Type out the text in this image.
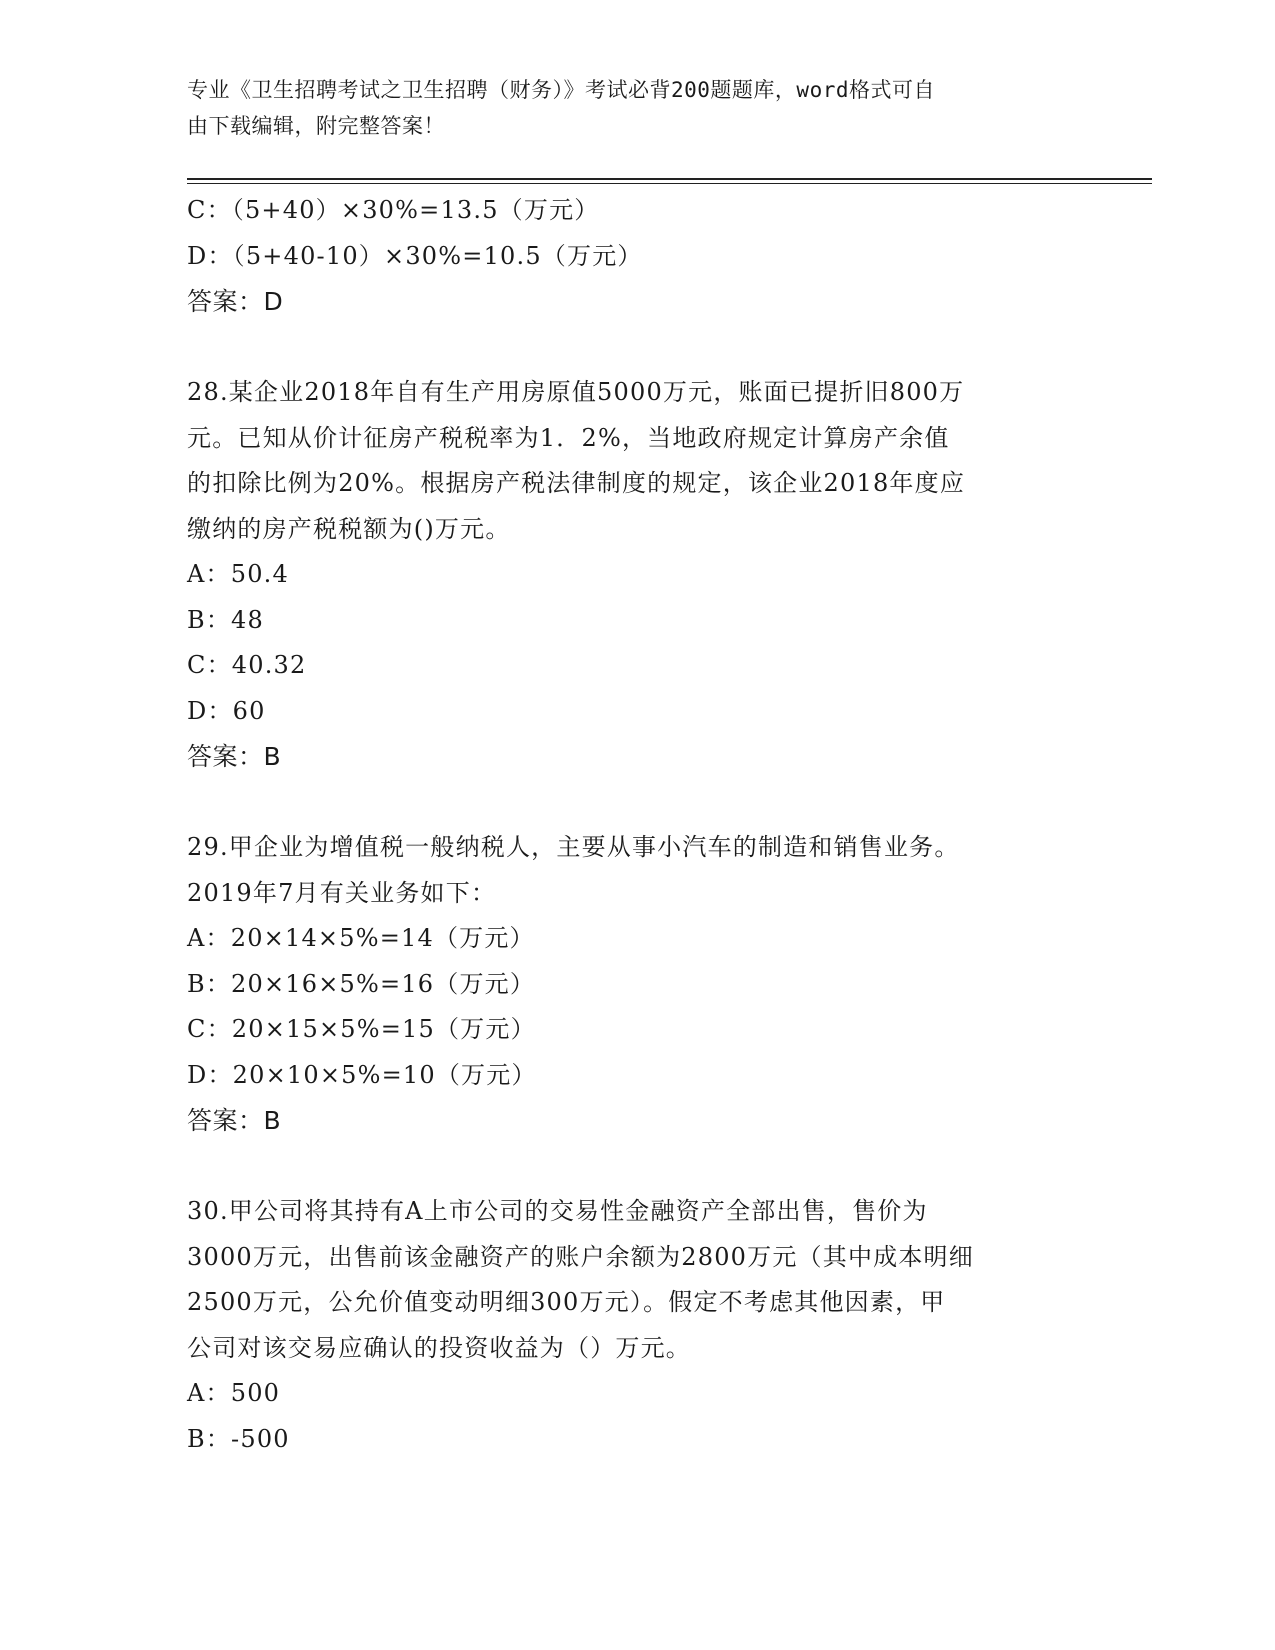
专业《卫生招聘考试之卫生招聘（财务）》考试必背200题题库，word格式可自
由下载编辑，附完整答案！
C：（5+40）×30%=13.5（万元）
D：（5+40-10）×30%=10.5（万元）
答案：D
28.某企业2018年自有生产用房原值5000万元，账面已提折旧800万
元。已知从价计征房产税税率为1．2%，当地政府规定计算房产余值
的扣除比例为20%。根据房产税法律制度的规定，该企业2018年度应
缴纳的房产税税额为()万元。
A：50.4
B：48
C：40.32
D：60
答案：B
29.甲企业为增值税一般纳税人，主要从事小汽车的制造和销售业务。
2019年7月有关业务如下：
A：20×14×5%=14（万元）
B：20×16×5%=16（万元）
C：20×15×5%=15（万元）
D：20×10×5%=10（万元）
答案：B
30.甲公司将其持有A上市公司的交易性金融资产全部出售，售价为
3000万元，出售前该金融资产的账户余额为2800万元（其中成本明细
2500万元，公允价值变动明细300万元）。假定不考虑其他因素，甲
公司对该交易应确认的投资收益为（）万元。
A：500
B：-500
